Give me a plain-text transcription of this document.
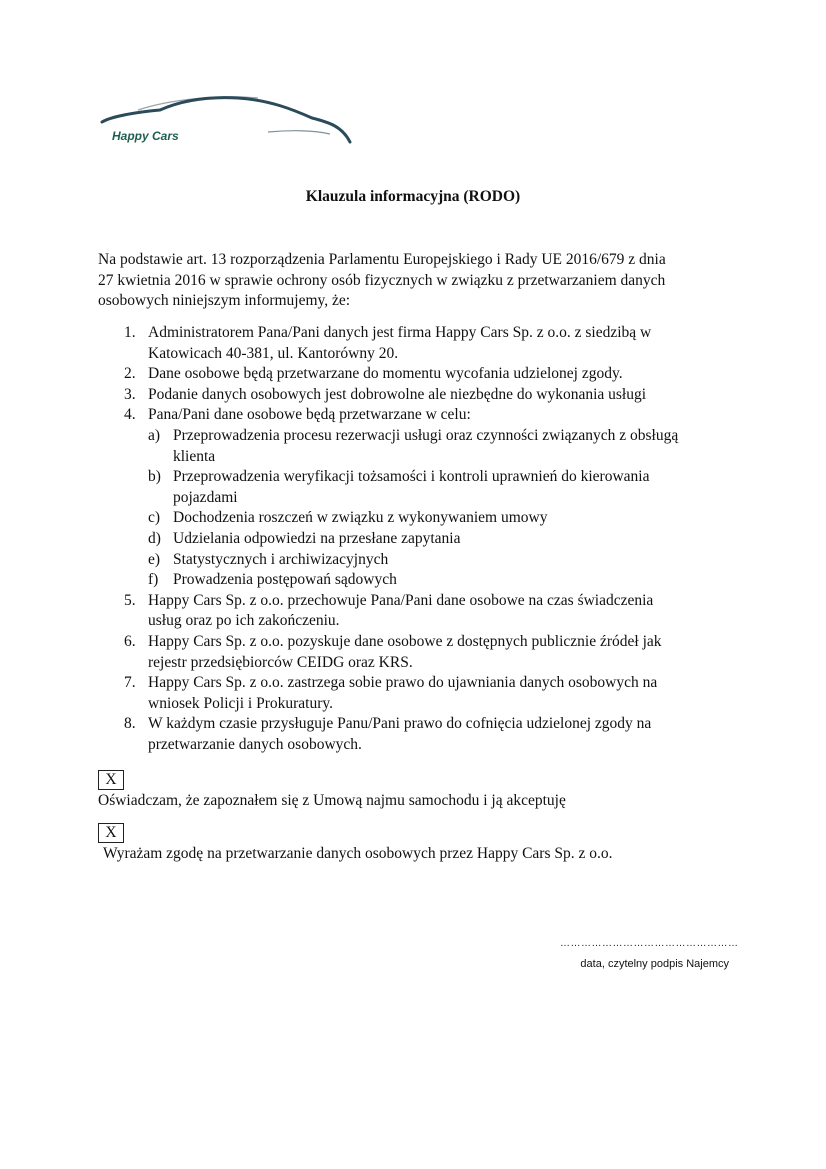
Happy Cars
Klauzula informacyjna (RODO)
Na podstawie art. 13 rozporządzenia Parlamentu Europejskiego i Rady UE 2016/679 z dnia
27 kwietnia 2016 w sprawie ochrony osób fizycznych w związku z przetwarzaniem danych
osobowych niniejszym informujemy, że:
1. Administratorem Pana/Pani danych jest firma Happy Cars Sp. z o.o. z siedzibą w
Katowicach 40-381, ul. Kantorówny 20.
2. Dane osobowe będą przetwarzane do momentu wycofania udzielonej zgody.
3. Podanie danych osobowych jest dobrowolne ale niezbędne do wykonania usługi
4. Pana/Pani dane osobowe będą przetwarzane w celu:
a) Przeprowadzenia procesu rezerwacji usługi oraz czynności związanych z obsługą
klienta
b) Przeprowadzenia weryfikacji tożsamości i kontroli uprawnień do kierowania
pojazdami
c) Dochodzenia roszczeń w związku z wykonywaniem umowy
d) Udzielania odpowiedzi na przesłane zapytania
e) Statystycznych i archiwizacyjnych
f) Prowadzenia postępowań sądowych
5. Happy Cars Sp. z o.o. przechowuje Pana/Pani dane osobowe na czas świadczenia
usług oraz po ich zakończeniu.
6. Happy Cars Sp. z o.o. pozyskuje dane osobowe z dostępnych publicznie źródeł jak
rejestr przedsiębiorców CEIDG oraz KRS.
7. Happy Cars Sp. z o.o. zastrzega sobie prawo do ujawniania danych osobowych na
wniosek Policji i Prokuratury.
8. W każdym czasie przysługuje Panu/Pani prawo do cofnięcia udzielonej zgody na
przetwarzanie danych osobowych.
X
Oświadczam, że zapoznałem się z Umową najmu samochodu i ją akceptuję
X
Wyrażam zgodę na przetwarzanie danych osobowych przez Happy Cars Sp. z o.o.
……………………………………………
data, czytelny podpis Najemcy
